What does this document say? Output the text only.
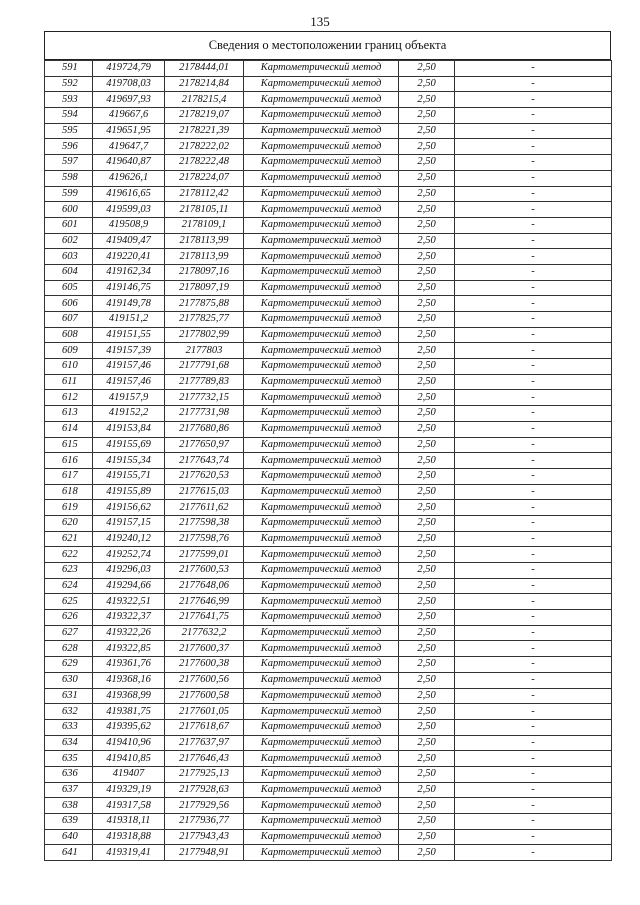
135
Сведения о местоположении границ объекта
591	419724,79	2178444,01	Картометрический метод	2,50	-
592	419708,03	2178214,84	Картометрический метод	2,50	-
593	419697,93	2178215,4	Картометрический метод	2,50	-
594	419667,6	2178219,07	Картометрический метод	2,50	-
595	419651,95	2178221,39	Картометрический метод	2,50	-
596	419647,7	2178222,02	Картометрический метод	2,50	-
597	419640,87	2178222,48	Картометрический метод	2,50	-
598	419626,1	2178224,07	Картометрический метод	2,50	-
599	419616,65	2178112,42	Картометрический метод	2,50	-
600	419599,03	2178105,11	Картометрический метод	2,50	-
601	419508,9	2178109,1	Картометрический метод	2,50	-
602	419409,47	2178113,99	Картометрический метод	2,50	-
603	419220,41	2178113,99	Картометрический метод	2,50	-
604	419162,34	2178097,16	Картометрический метод	2,50	-
605	419146,75	2178097,19	Картометрический метод	2,50	-
606	419149,78	2177875,88	Картометрический метод	2,50	-
607	419151,2	2177825,77	Картометрический метод	2,50	-
608	419151,55	2177802,99	Картометрический метод	2,50	-
609	419157,39	2177803	Картометрический метод	2,50	-
610	419157,46	2177791,68	Картометрический метод	2,50	-
611	419157,46	2177789,83	Картометрический метод	2,50	-
612	419157,9	2177732,15	Картометрический метод	2,50	-
613	419152,2	2177731,98	Картометрический метод	2,50	-
614	419153,84	2177680,86	Картометрический метод	2,50	-
615	419155,69	2177650,97	Картометрический метод	2,50	-
616	419155,34	2177643,74	Картометрический метод	2,50	-
617	419155,71	2177620,53	Картометрический метод	2,50	-
618	419155,89	2177615,03	Картометрический метод	2,50	-
619	419156,62	2177611,62	Картометрический метод	2,50	-
620	419157,15	2177598,38	Картометрический метод	2,50	-
621	419240,12	2177598,76	Картометрический метод	2,50	-
622	419252,74	2177599,01	Картометрический метод	2,50	-
623	419296,03	2177600,53	Картометрический метод	2,50	-
624	419294,66	2177648,06	Картометрический метод	2,50	-
625	419322,51	2177646,99	Картометрический метод	2,50	-
626	419322,37	2177641,75	Картометрический метод	2,50	-
627	419322,26	2177632,2	Картометрический метод	2,50	-
628	419322,85	2177600,37	Картометрический метод	2,50	-
629	419361,76	2177600,38	Картометрический метод	2,50	-
630	419368,16	2177600,56	Картометрический метод	2,50	-
631	419368,99	2177600,58	Картометрический метод	2,50	-
632	419381,75	2177601,05	Картометрический метод	2,50	-
633	419395,62	2177618,67	Картометрический метод	2,50	-
634	419410,96	2177637,97	Картометрический метод	2,50	-
635	419410,85	2177646,43	Картометрический метод	2,50	-
636	419407	2177925,13	Картометрический метод	2,50	-
637	419329,19	2177928,63	Картометрический метод	2,50	-
638	419317,58	2177929,56	Картометрический метод	2,50	-
639	419318,11	2177936,77	Картометрический метод	2,50	-
640	419318,88	2177943,43	Картометрический метод	2,50	-
641	419319,41	2177948,91	Картометрический метод	2,50	-
